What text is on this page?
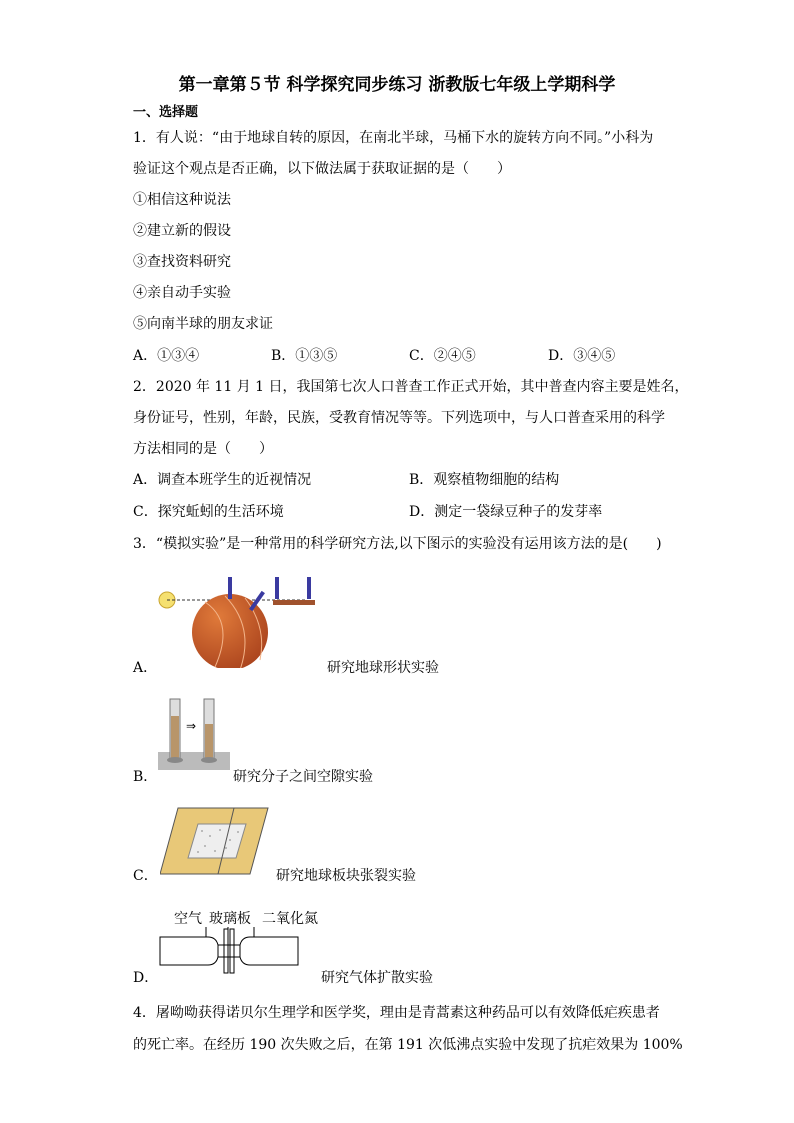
第一章第５节 科学探究同步练习 浙教版七年级上学期科学
一、选择题
1．有人说：“由于地球自转的原因，在南北半球，马桶下水的旋转方向不同。”小科为
验证这个观点是否正确，以下做法属于获取证据的是（　　）
①相信这种说法
②建立新的假设
③查找资料研究
④亲自动手实验
⑤向南半球的朋友求证
A．①③④	B．①③⑤	C．②④⑤	D．③④⑤
2．2020 年 11 月 1 日，我国第七次人口普查工作正式开始，其中普查内容主要是姓名，
身份证号，性别，年龄，民族，受教育情况等等。下列选项中，与人口普查采用的科学
方法相同的是（　　）
A．调查本班学生的近视情况	B．观察植物细胞的结构
C．探究蚯蚓的生活环境	D．测定一袋绿豆种子的发芽率
3．“模拟实验”是一种常用的科学研究方法,以下图示的实验没有运用该方法的是(　　)
A．	研究地球形状实验
⇒
B．	研究分子之间空隙实验
C．	研究地球板块张裂实验
空气 玻璃板 二氧化氮
D．	研究气体扩散实验
4．屠呦呦获得诺贝尔生理学和医学奖，理由是青蒿素这种药品可以有效降低疟疾患者
的死亡率。在经历 190 次失败之后，在第 191 次低沸点实验中发现了抗疟效果为 100%
